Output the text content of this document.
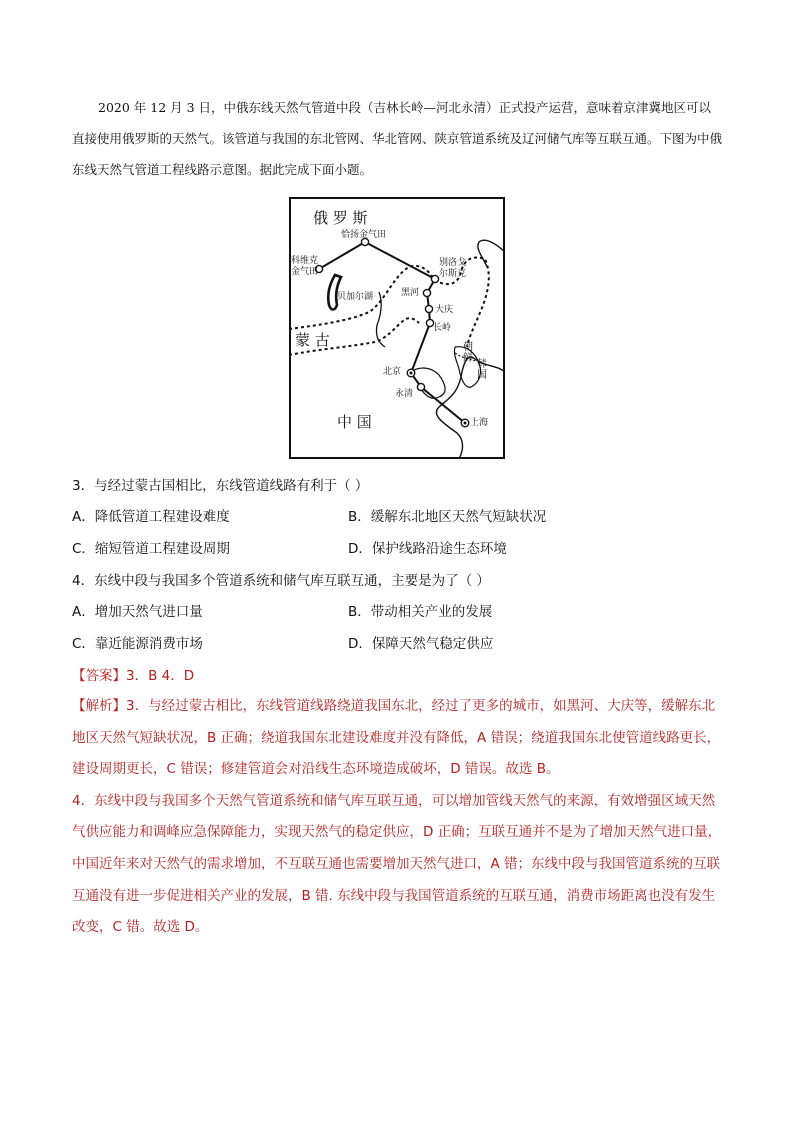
2020 年 12 月 3 日，中俄东线天然气管道中段（吉林长岭—河北永清）正式投产运营，意味着京津冀地区可以直接使用俄罗斯的天然气。该管道与我国的东北管网、华北管网、陕京管道系统及辽河储气库等互联互通。下图为中俄东线天然气管道工程线路示意图。据此完成下面小题。

俄 罗 斯
恰扬金气田
科维克
金气田
贝加尔湖
别洛戈
尔斯克
黑河
大庆
长岭
蒙 古	朝
鲜
韩
国
北京
永清
中 国	上海
3．与经过蒙古国相比，东线管道线路有利于（ ）
A．降低管道工程建设难度	B．缓解东北地区天然气短缺状况
C．缩短管道工程建设周期	D．保护线路沿途生态环境
4．东线中段与我国多个管道系统和储气库互联互通，主要是为了（ ）
A．增加天然气进口量	B．带动相关产业的发展
C．靠近能源消费市场	D．保障天然气稳定供应
【答案】3．B 4．D

【解析】3．与经过蒙古相比，东线管道线路绕道我国东北，经过了更多的城市，如黑河、大庆等，缓解东北地区天然气短缺状况，B 正确；绕道我国东北建设难度并没有降低，A 错误；绕道我国东北使管道线路更长，建设周期更长，C 错误；修建管道会对沿线生态环境造成破坏，D 错误。故选 B。

4．东线中段与我国多个天然气管道系统和储气库互联互通，可以增加管线天然气的来源，有效增强区域天然气供应能力和调峰应急保障能力，实现天然气的稳定供应，D 正确；互联互通并不是为了增加天然气进口量，中国近年来对天然气的需求增加，不互联互通也需要增加天然气进口，A 错；东线中段与我国管道系统的互联互通没有进一步促进相关产业的发展，B 错. 东线中段与我国管道系统的互联互通，消费市场距离也没有发生改变，C 错。故选 D。
